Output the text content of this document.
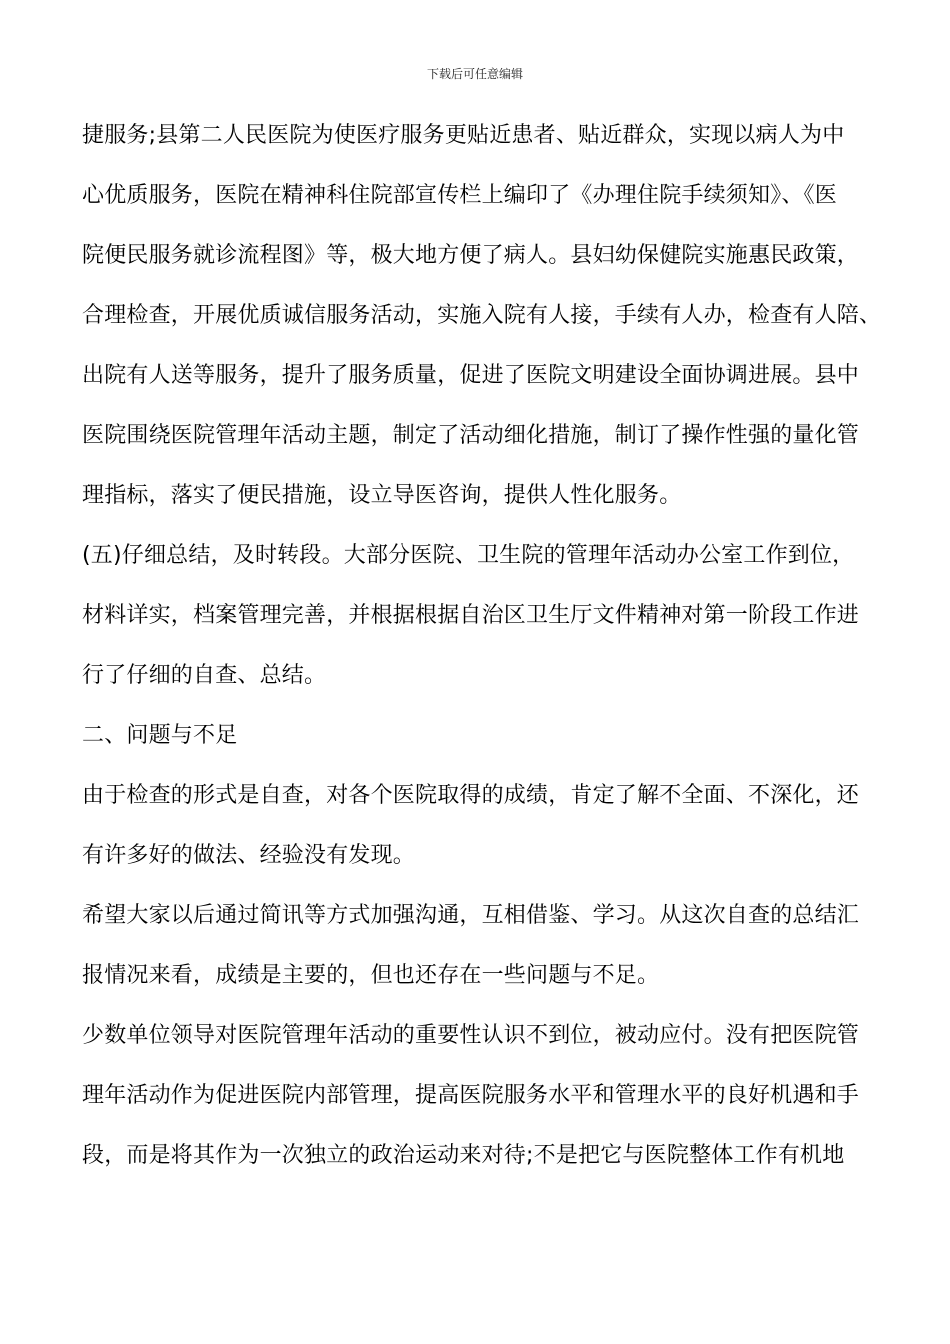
下载后可任意编辑
捷服务;县第二人民医院为使医疗服务更贴近患者、贴近群众，实现以病人为中
心优质服务，医院在精神科住院部宣传栏上编印了《办理住院手续须知》、《医
院便民服务就诊流程图》等，极大地方便了病人。县妇幼保健院实施惠民政策，
合理检查，开展优质诚信服务活动，实施入院有人接，手续有人办，检查有人陪、
出院有人送等服务，提升了服务质量，促进了医院文明建设全面协调进展。县中
医院围绕医院管理年活动主题，制定了活动细化措施，制订了操作性强的量化管
理指标，落实了便民措施，设立导医咨询，提供人性化服务。
(五)仔细总结，及时转段。大部分医院、卫生院的管理年活动办公室工作到位，
材料详实，档案管理完善，并根据根据自治区卫生厅文件精神对第一阶段工作进
行了仔细的自查、总结。
二、问题与不足
由于检查的形式是自查，对各个医院取得的成绩，肯定了解不全面、不深化，还
有许多好的做法、经验没有发现。
希望大家以后通过简讯等方式加强沟通，互相借鉴、学习。从这次自查的总结汇
报情况来看，成绩是主要的，但也还存在一些问题与不足。
少数单位领导对医院管理年活动的重要性认识不到位，被动应付。没有把医院管
理年活动作为促进医院内部管理，提高医院服务水平和管理水平的良好机遇和手
段，而是将其作为一次独立的政治运动来对待;不是把它与医院整体工作有机地
